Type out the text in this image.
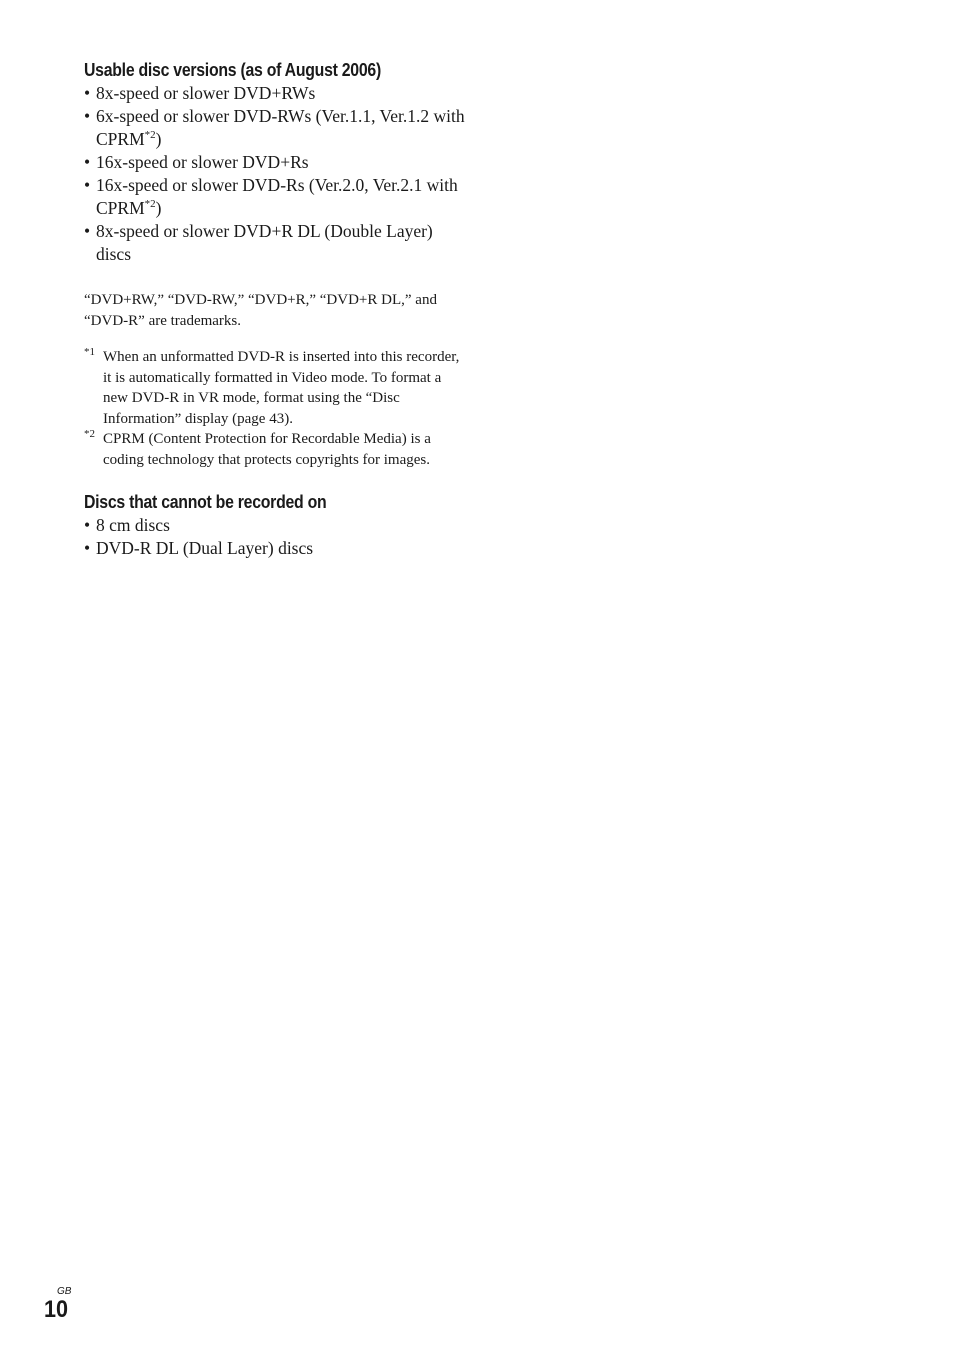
Usable disc versions (as of August 2006)
• 8x-speed or slower DVD+RWs
• 6x-speed or slower DVD-RWs (Ver.1.1, Ver.1.2 with CPRM$^{*2}$)
• 16x-speed or slower DVD+Rs
• 16x-speed or slower DVD-Rs (Ver.2.0, Ver.2.1 with CPRM$^{*2}$)
• 8x-speed or slower DVD+R DL (Double Layer) discs

“DVD+RW,” “DVD-RW,” “DVD+R,” “DVD+R DL,” and “DVD-R” are trademarks.

*1 When an unformatted DVD-R is inserted into this recorder, it is automatically formatted in Video mode. To format a new DVD-R in VR mode, format using the “Disc Information” display (page 43).
*2 CPRM (Content Protection for Recordable Media) is a coding technology that protects copyrights for images.
Discs that cannot be recorded on
• 8 cm discs
• DVD-R DL (Dual Layer) discs
GB
10
